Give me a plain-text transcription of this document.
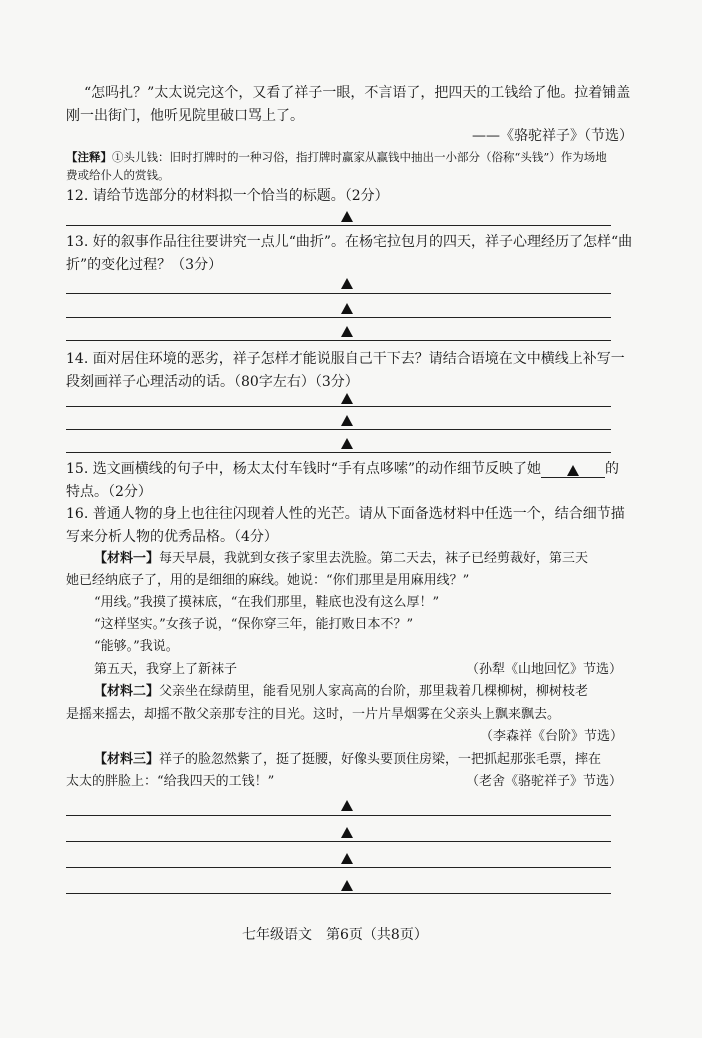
“怎吗扎？”太太说完这个，又看了祥子一眼，不言语了，把四天的工钱给了他。拉着铺盖
刚一出街门，他听见院里破口骂上了。
——《骆驼祥子》（节选）
【注释】①头儿钱：旧时打牌时的一种习俗，指打牌时赢家从赢钱中抽出一小部分（俗称“头钱”）作为场地
费或给仆人的赏钱。
12. 请给节选部分的材料拟一个恰当的标题。（2分）
13. 好的叙事作品往往要讲究一点儿“曲折”。在杨宅拉包月的四天，祥子心理经历了怎样“曲
折”的变化过程？（3分）
14. 面对居住环境的恶劣，祥子怎样才能说服自己干下去？请结合语境在文中横线上补写一
段刻画祥子心理活动的话。（80字左右）（3分）
15. 选文画横线的句子中，杨太太付车钱时“手有点哆嗦”的动作细节反映了她	的
特点。（2分）
16. 普通人物的身上也往往闪现着人性的光芒。请从下面备选材料中任选一个，结合细节描
写来分析人物的优秀品格。（4分）
【材料一】每天早晨，我就到女孩子家里去洗脸。第二天去，袜子已经剪裁好，第三天
她已经纳底子了，用的是细细的麻线。她说：“你们那里是用麻用线？”
“用线。”我摸了摸袜底，“在我们那里，鞋底也没有这么厚！”
“这样坚实。”女孩子说，“保你穿三年，能打败日本不？”
“能够。”我说。
第五天，我穿上了新袜子	（孙犁《山地回忆》节选）
【材料二】父亲坐在绿荫里，能看见别人家高高的台阶，那里栽着几棵柳树，柳树枝老
是摇来摇去，却摇不散父亲那专注的目光。这时，一片片旱烟雾在父亲头上飘来飘去。
（李森祥《台阶》节选）
【材料三】祥子的脸忽然紫了，挺了挺腰，好像头要顶住房梁，一把抓起那张毛票，摔在
太太的胖脸上：“给我四天的工钱！”	（老舍《骆驼祥子》节选）
七年级语文　第6页（共8页）
